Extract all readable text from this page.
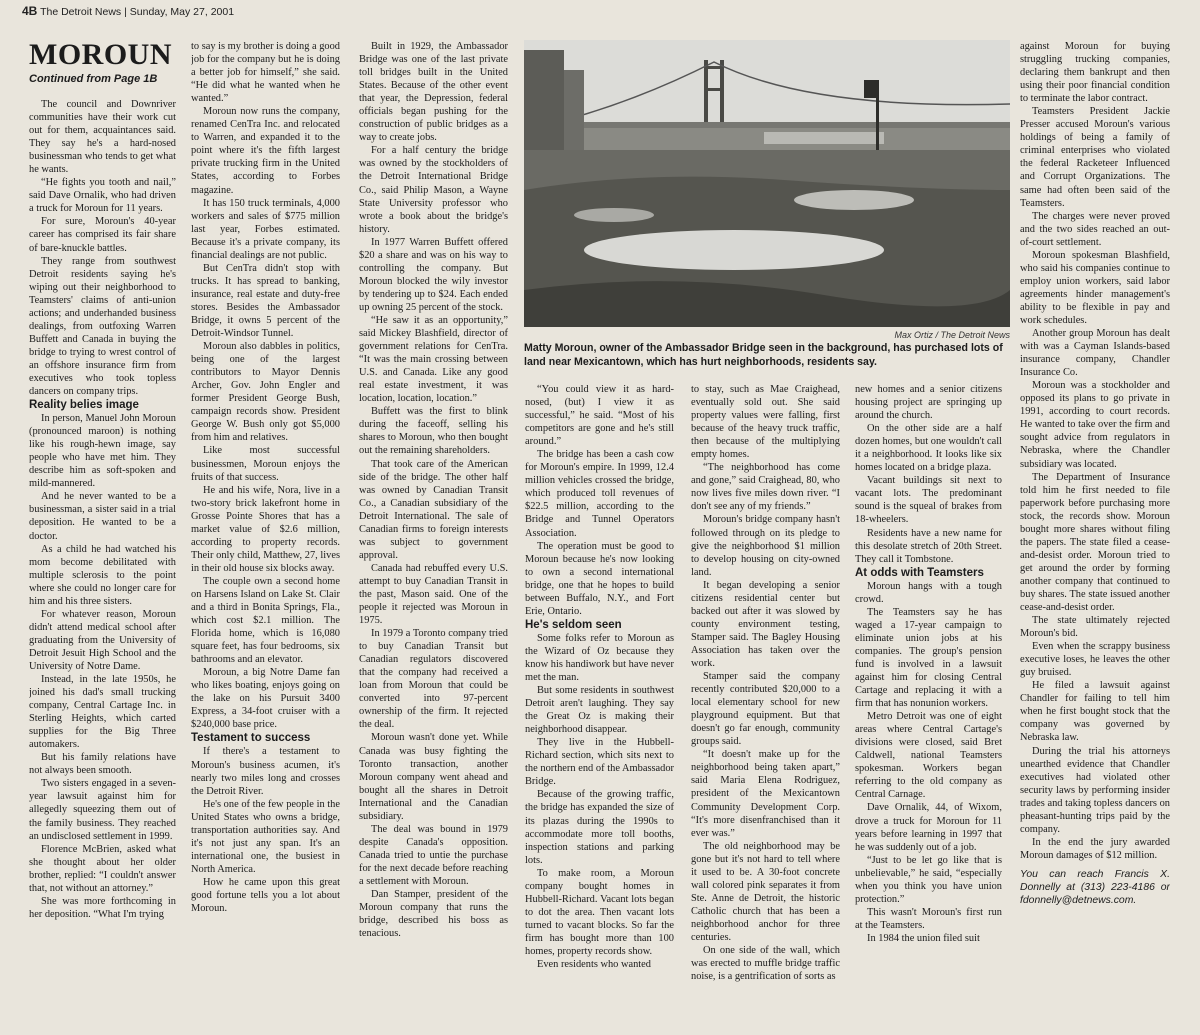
4B The Detroit News | Sunday, May 27, 2001
MOROUN
Continued from Page 1B

The council and Downriver communities have their work cut out for them, acquaintances said. They say he's a hard-nosed businessman who tends to get what he wants.

“He fights you tooth and nail,” said Dave Ornalik, who had driven a truck for Moroun for 11 years.

For sure, Moroun's 40-year career has comprised its fair share of bare-knuckle battles.

They range from southwest Detroit residents saying he's wiping out their neighborhood to Teamsters' claims of anti-union actions; and underhanded business dealings, from outfoxing Warren Buffett and Canada in buying the bridge to trying to wrest control of an offshore insurance firm from executives who took topless dancers on company trips.

Reality belies image

In person, Manuel John Moroun (pronounced maroon) is nothing like his rough-hewn image, say people who have met him. They describe him as soft-spoken and mild-mannered.

And he never wanted to be a businessman, a sister said in a trial deposition. He wanted to be a doctor.

As a child he had watched his mom become debilitated with multiple sclerosis to the point where she could no longer care for him and his three sisters.

For whatever reason, Moroun didn't attend medical school after graduating from the University of Detroit Jesuit High School and the University of Notre Dame.

Instead, in the late 1950s, he joined his dad's small trucking company, Central Cartage Inc. in Sterling Heights, which carted supplies for the Big Three automakers.

But his family relations have not always been smooth.

Two sisters engaged in a seven-year lawsuit against him for allegedly squeezing them out of the family business. They reached an undisclosed settlement in 1999.

Florence McBrien, asked what she thought about her older brother, replied: “I couldn't answer that, not without an attorney.”

She was more forthcoming in her deposition. “What I'm trying

to say is my brother is doing a good job for the company but he is doing a better job for himself,” she said. “He did what he wanted when he wanted.”

Moroun now runs the company, renamed CenTra Inc. and relocated to Warren, and expanded it to the point where it's the fifth largest private trucking firm in the United States, according to Forbes magazine.

It has 150 truck terminals, 4,000 workers and sales of $775 million last year, Forbes estimated. Because it's a private company, its financial dealings are not public.

But CenTra didn't stop with trucks. It has spread to banking, insurance, real estate and duty-free stores. Besides the Ambassador Bridge, it owns 5 percent of the Detroit-Windsor Tunnel.

Moroun also dabbles in politics, being one of the largest contributors to Mayor Dennis Archer, Gov. John Engler and former President George Bush, campaign records show. President George W. Bush only got $5,000 from him and relatives.

Like most successful businessmen, Moroun enjoys the fruits of that success.

He and his wife, Nora, live in a two-story brick lakefront home in Grosse Pointe Shores that has a market value of $2.6 million, according to property records. Their only child, Matthew, 27, lives in their old house six blocks away.

The couple own a second home on Harsens Island on Lake St. Clair and a third in Bonita Springs, Fla., which cost $2.1 million. The Florida home, which is 16,080 square feet, has four bedrooms, six bathrooms and an elevator.

Moroun, a big Notre Dame fan who likes boating, enjoys going on the lake on his Pursuit 3400 Express, a 34-foot cruiser with a $240,000 base price.

Testament to success

If there's a testament to Moroun's business acumen, it's nearly two miles long and crosses the Detroit River.

He's one of the few people in the United States who owns a bridge, transportation authorities say. And it's not just any span. It's an international one, the busiest in North America.

How he came upon this great good fortune tells you a lot about Moroun.

Built in 1929, the Ambassador Bridge was one of the last private toll bridges built in the United States. Because of the other event that year, the Depression, federal officials began pushing for the construction of public bridges as a way to create jobs.

For a half century the bridge was owned by the stockholders of the Detroit International Bridge Co., said Philip Mason, a Wayne State University professor who wrote a book about the bridge's history.

In 1977 Warren Buffett offered $20 a share and was on his way to controlling the company. But Moroun blocked the wily investor by tendering up to $24. Each ended up owning 25 percent of the stock.

“He saw it as an opportunity,” said Mickey Blashfield, director of government relations for CenTra. “It was the main crossing between U.S. and Canada. Like any good real estate investment, it was location, location, location.”

Buffett was the first to blink during the faceoff, selling his shares to Moroun, who then bought out the remaining shareholders.

That took care of the American side of the bridge. The other half was owned by Canadian Transit Co., a Canadian subsidiary of the Detroit International. The sale of Canadian firms to foreign interests was subject to government approval.

Canada had rebuffed every U.S. attempt to buy Canadian Transit in the past, Mason said. One of the people it rejected was Moroun in 1975.

In 1979 a Toronto company tried to buy Canadian Transit but Canadian regulators discovered that the company had received a loan from Moroun that could be converted into 97-percent ownership of the firm. It rejected the deal.

Moroun wasn't done yet. While Canada was busy fighting the Toronto transaction, another Moroun company went ahead and bought all the shares in Detroit International and the Canadian subsidiary.

The deal was bound in 1979 despite Canada's opposition. Canada tried to untie the purchase for the next decade before reaching a settlement with Moroun.

Dan Stamper, president of the Moroun company that runs the bridge, described his boss as tenacious.

Max Ortiz / The Detroit News
Matty Moroun, owner of the Ambassador Bridge seen in the background, has purchased lots of land near Mexicantown, which has hurt neighborhoods, residents say.

“You could view it as hard-nosed, (but) I view it as successful,” he said. “Most of his competitors are gone and he's still around.”

The bridge has been a cash cow for Moroun's empire. In 1999, 12.4 million vehicles crossed the bridge, which produced toll revenues of $22.5 million, according to the Bridge and Tunnel Operators Association.

The operation must be good to Moroun because he's now looking to own a second international bridge, one that he hopes to build between Buffalo, N.Y., and Fort Erie, Ontario.

He's seldom seen

Some folks refer to Moroun as the Wizard of Oz because they know his handiwork but have never met the man.

But some residents in southwest Detroit aren't laughing. They say the Great Oz is making their neighborhood disappear.

They live in the Hubbell-Richard section, which sits next to the northern end of the Ambassador Bridge.

Because of the growing traffic, the bridge has expanded the size of its plazas during the 1990s to accommodate more toll booths, inspection stations and parking lots.

To make room, a Moroun company bought homes in Hubbell-Richard. Vacant lots began to dot the area. Then vacant lots turned to vacant blocks. So far the firm has bought more than 100 homes, property records show.

Even residents who wanted

to stay, such as Mae Craighead, eventually sold out. She said property values were falling, first because of the heavy truck traffic, then because of the multiplying empty homes.

“The neighborhood has come and gone,” said Craighead, 80, who now lives five miles down river. “I don't see any of my friends.”

Moroun's bridge company hasn't followed through on its pledge to give the neighborhood $1 million to develop housing on city-owned land.

It began developing a senior citizens residential center but backed out after it was slowed by county environment testing, Stamper said. The Bagley Housing Association has taken over the work.

Stamper said the company recently contributed $20,000 to a local elementary school for new playground equipment. But that doesn't go far enough, community groups said.

“It doesn't make up for the neighborhood being taken apart,” said Maria Elena Rodriguez, president of the Mexicantown Community Development Corp. “It's more disenfranchised than it ever was.”

The old neighborhood may be gone but it's not hard to tell where it used to be. A 30-foot concrete wall colored pink separates it from Ste. Anne de Detroit, the historic Catholic church that has been a neighborhood anchor for three centuries.

On one side of the wall, which was erected to muffle bridge traffic noise, is a gentrification of sorts as

new homes and a senior citizens housing project are springing up around the church.

On the other side are a half dozen homes, but one wouldn't call it a neighborhood. It looks like six homes located on a bridge plaza.

Vacant buildings sit next to vacant lots. The predominant sound is the squeal of brakes from 18-wheelers.

Residents have a new name for this desolate stretch of 20th Street. They call it Tombstone.

At odds with Teamsters

Moroun hangs with a tough crowd.

The Teamsters say he has waged a 17-year campaign to eliminate union jobs at his companies. The group's pension fund is involved in a lawsuit against him for closing Central Cartage and replacing it with a firm that has nonunion workers.

Metro Detroit was one of eight areas where Central Cartage's divisions were closed, said Bret Caldwell, national Teamsters spokesman. Workers began referring to the old company as Central Carnage.

Dave Ornalik, 44, of Wixom, drove a truck for Moroun for 11 years before learning in 1997 that he was suddenly out of a job.

“Just to be let go like that is unbelievable,” he said, “especially when you think you have union protection.”

This wasn't Moroun's first run at the Teamsters.

In 1984 the union filed suit

against Moroun for buying struggling trucking companies, declaring them bankrupt and then using their poor financial condition to terminate the labor contract.

Teamsters President Jackie Presser accused Moroun's various holdings of being a family of criminal enterprises who violated the federal Racketeer Influenced and Corrupt Organizations. The same had often been said of the Teamsters.

The charges were never proved and the two sides reached an out-of-court settlement.

Moroun spokesman Blashfield, who said his companies continue to employ union workers, said labor agreements hinder management's ability to be flexible in pay and work schedules.

Another group Moroun has dealt with was a Cayman Islands-based insurance company, Chandler Insurance Co.

Moroun was a stockholder and opposed its plans to go private in 1991, according to court records. He wanted to take over the firm and sought advice from regulators in Nebraska, where the Chandler subsidiary was located.

The Department of Insurance told him he first needed to file paperwork before purchasing more stock, the records show. Moroun bought more shares without filing the papers. The state filed a cease-and-desist order. Moroun tried to get around the order by forming another company that continued to buy shares. The state issued another cease-and-desist order.

The state ultimately rejected Moroun's bid.

Even when the scrappy business executive loses, he leaves the other guy bruised.

He filed a lawsuit against Chandler for failing to tell him when he first bought stock that the company was governed by Nebraska law.

During the trial his attorneys unearthed evidence that Chandler executives had violated other security laws by performing insider trades and taking topless dancers on pheasant-hunting trips paid by the company.

In the end the jury awarded Moroun damages of $12 million.

You can reach Francis X. Donnelly at (313) 223-4186 or fdonnelly@detnews.com.
